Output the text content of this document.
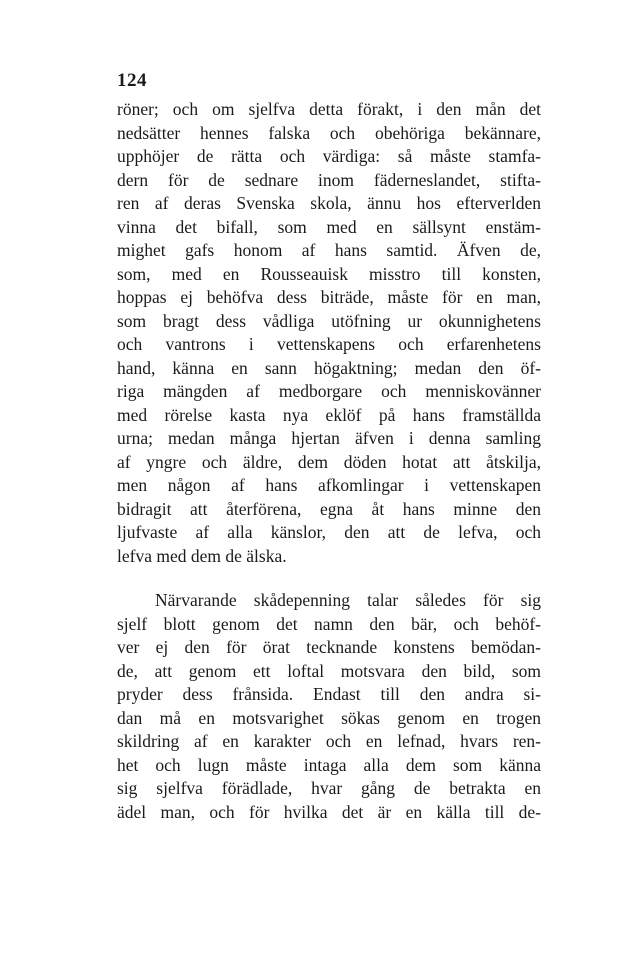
124
röner; och om sjelfva detta förakt, i den mån det
nedsätter hennes falska och obehöriga bekännare,
upphöjer de rätta och värdiga: så måste stamfa-
dern för de sednare inom fäderneslandet, stifta-
ren af deras Svenska skola, ännu hos efterverlden
vinna det bifall, som med en sällsynt enstäm-
mighet gafs honom af hans samtid. Äfven de,
som, med en Rousseauisk misstro till konsten,
hoppas ej behöfva dess biträde, måste för en man,
som bragt dess vådliga utöfning ur okunnighetens
och vantrons i vettenskapens och erfarenhetens
hand, känna en sann högaktning; medan den öf-
riga mängden af medborgare och menniskovänner
med rörelse kasta nya eklöf på hans framställda
urna; medan många hjertan äfven i denna samling
af yngre och äldre, dem döden hotat att åtskilja,
men någon af hans afkomlingar i vettenskapen
bidragit att återförena, egna åt hans minne den
ljufvaste af alla känslor, den att de lefva, och
lefva med dem de älska.
Närvarande skådepenning talar således för sig
sjelf blott genom det namn den bär, och behöf-
ver ej den för örat tecknande konstens bemödan-
de, att genom ett loftal motsvara den bild, som
pryder dess frånsida. Endast till den andra si-
dan må en motsvarighet sökas genom en trogen
skildring af en karakter och en lefnad, hvars ren-
het och lugn måste intaga alla dem som känna
sig sjelfva förädlade, hvar gång de betrakta en
ädel man, och för hvilka det är en källa till de-
